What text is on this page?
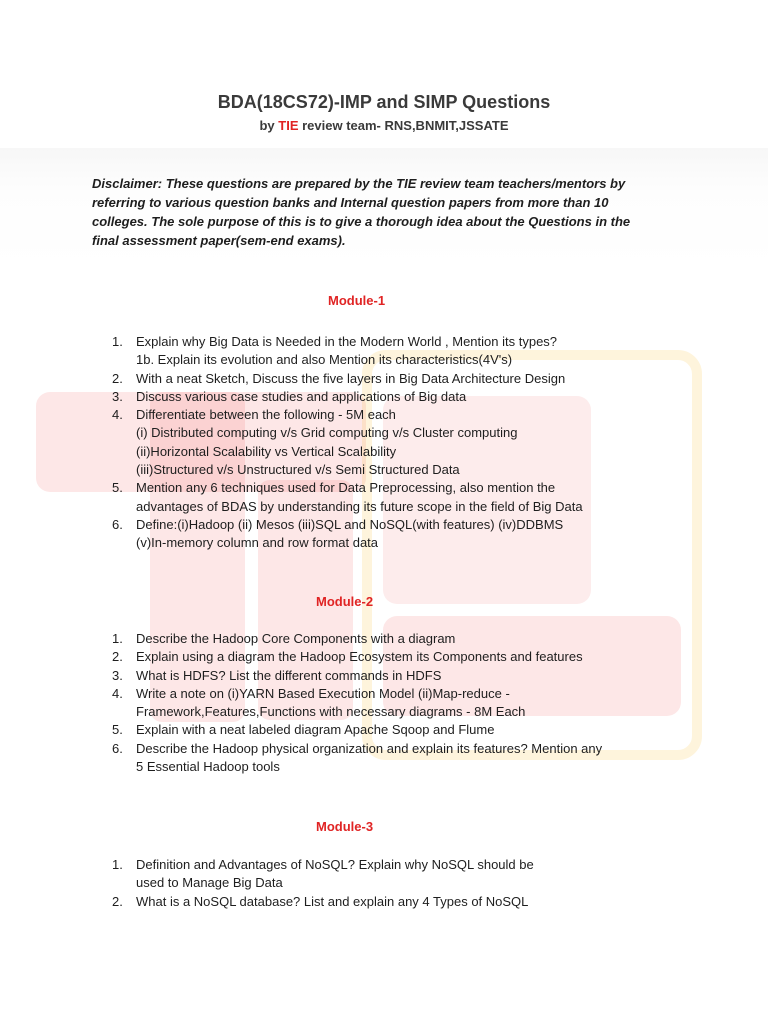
BDA(18CS72)-IMP and SIMP Questions
by TIE review team- RNS,BNMIT,JSSATE
Disclaimer: These questions are prepared by the TIE review team teachers/mentors by
referring to various question banks and Internal question papers from more than 10
colleges. The sole purpose of this is to give a thorough idea about the Questions in the
final assessment paper(sem-end exams).
Module-1
1.	Explain why Big Data is Needed in the Modern World , Mention its types?
1b. Explain its evolution and also Mention its characteristics(4V's)
2.	With a neat Sketch, Discuss the five layers in Big Data Architecture Design
3.	Discuss various case studies and applications of Big data
4.	Differentiate between the following - 5M each
(i) Distributed computing v/s Grid computing v/s Cluster computing
(ii)Horizontal Scalability vs Vertical Scalability
(iii)Structured v/s Unstructured v/s Semi Structured Data
5.	Mention any 6 techniques used for Data Preprocessing, also mention the
advantages of BDAS by understanding its future scope in the field of Big Data
6.	Define:(i)Hadoop (ii) Mesos (iii)SQL and NoSQL(with features) (iv)DDBMS
(v)In-memory column and row format data
Module-2
1.	Describe the Hadoop Core Components with a diagram
2.	Explain using a diagram the Hadoop Ecosystem its Components and features
3.	What is HDFS? List the different commands in HDFS
4.	Write a note on (i)YARN Based Execution Model (ii)Map-reduce -
Framework,Features,Functions with necessary diagrams - 8M Each
5.	Explain with a neat labeled diagram Apache Sqoop and Flume
6.	Describe the Hadoop physical organization and explain its features? Mention any
5 Essential Hadoop tools
Module-3
1.	Definition and Advantages of NoSQL? Explain why NoSQL should be
used to Manage Big Data
2.	What is a NoSQL database? List and explain any 4 Types of NoSQL
